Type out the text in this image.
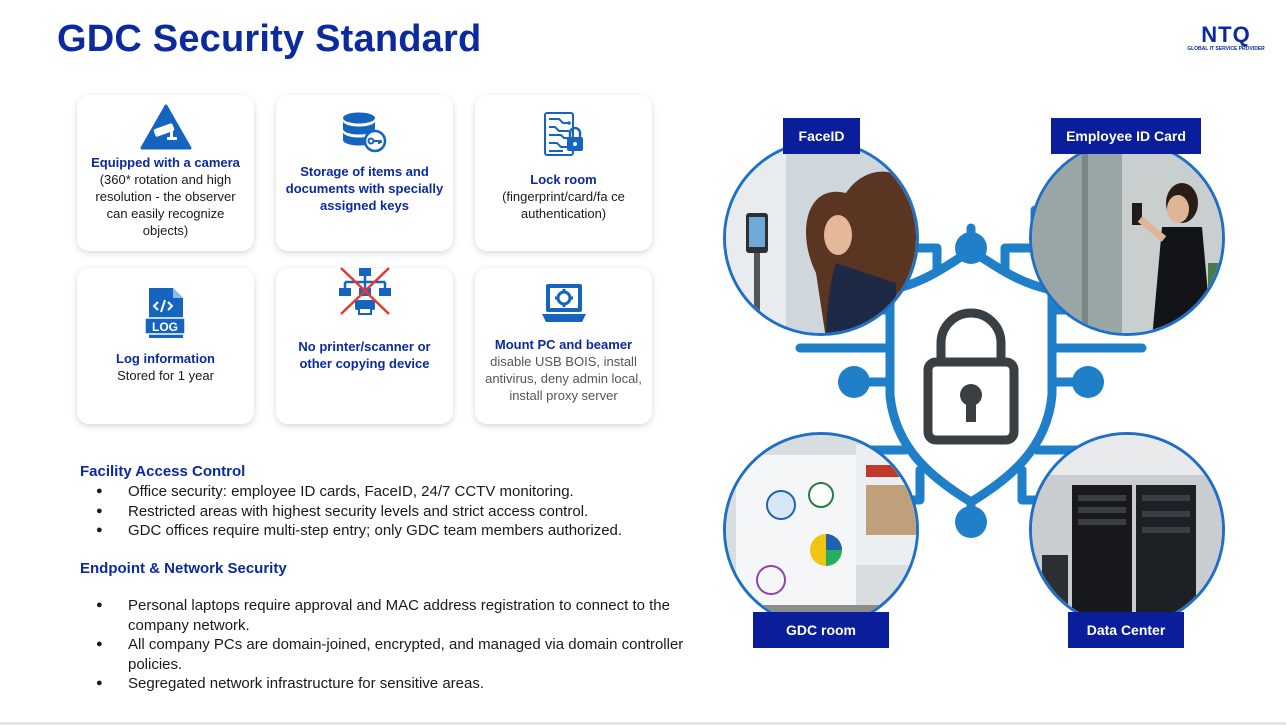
GDC Security Standard	NTQ
GLOBAL IT SERVICE PROVIDER
Equipped with a camera
(360* rotation and high resolution - the observer can easily recognize objects)
Storage of items and documents with specially assigned keys
Lock room
(fingerprint/card/fa ce authentication)
LOG
Log information
Stored for 1 year
No printer/scanner or other copying device
Mount PC and beamer
disable USB BOIS, install antivirus, deny admin local, install proxy server
Facility Access Control
● Office security: employee ID cards, FaceID, 24/7 CCTV monitoring.
● Restricted areas with highest security levels and strict access control.
● GDC offices require multi-step entry; only GDC team members authorized.
Endpoint & Network Security
● Personal laptops require approval and MAC address registration to connect to the company network.
● All company PCs are domain-joined, encrypted, and managed via domain controller policies.
● Segregated network infrastructure for sensitive areas.
FaceID	Employee ID Card
GDC room	Data Center
